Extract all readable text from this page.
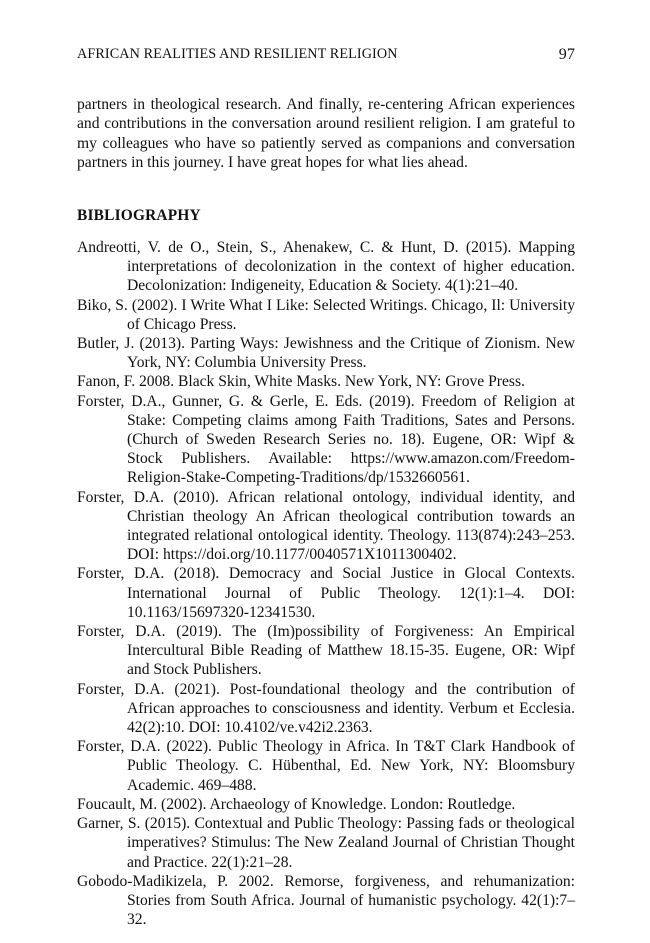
AFRICAN REALITIES AND RESILIENT RELIGION	97

partners in theological research. And finally, re-centering African experiences and contributions in the conversation around resilient religion. I am grateful to my colleagues who have so patiently served as companions and conversation partners in this journey. I have great hopes for what lies ahead.

BIBLIOGRAPHY
Andreotti, V. de O., Stein, S., Ahenakew, C. & Hunt, D. (2015). Mapping interpretations of decolonization in the context of higher education. Decolonization: Indigeneity, Education & Society. 4(1):21–40.
Biko, S. (2002). I Write What I Like: Selected Writings. Chicago, Il: University of Chicago Press.
Butler, J. (2013). Parting Ways: Jewishness and the Critique of Zionism. New York, NY: Columbia University Press.
Fanon, F. 2008. Black Skin, White Masks. New York, NY: Grove Press.
Forster, D.A., Gunner, G. & Gerle, E. Eds. (2019). Freedom of Religion at Stake: Competing claims among Faith Traditions, Sates and Persons. (Church of Sweden Research Series no. 18). Eugene, OR: Wipf & Stock Publishers. Available: https://www.amazon.com/Freedom-Religion-Stake-Competing-Traditions/dp/1532660561.
Forster, D.A. (2010). African relational ontology, individual identity, and Christian theology An African theological contribution towards an integrated relational ontological identity. Theology. 113(874):243–253. DOI: https://doi.org/10.1177/0040571X1011300402.
Forster, D.A. (2018). Democracy and Social Justice in Glocal Contexts. International Journal of Public Theology. 12(1):1–4. DOI: 10.1163/15697320-12341530.
Forster, D.A. (2019). The (Im)possibility of Forgiveness: An Empirical Intercultural Bible Reading of Matthew 18.15-35. Eugene, OR: Wipf and Stock Publishers.
Forster, D.A. (2021). Post-foundational theology and the contribution of African approaches to consciousness and identity. Verbum et Ecclesia. 42(2):10. DOI: 10.4102/ve.v42i2.2363.
Forster, D.A. (2022). Public Theology in Africa. In T&T Clark Handbook of Public Theology. C. Hübenthal, Ed. New York, NY: Bloomsbury Academic. 469–488.
Foucault, M. (2002). Archaeology of Knowledge. London: Routledge.
Garner, S. (2015). Contextual and Public Theology: Passing fads or theological imperatives? Stimulus: The New Zealand Journal of Christian Thought and Practice. 22(1):21–28.
Gobodo-Madikizela, P. 2002. Remorse, forgiveness, and rehumanization: Stories from South Africa. Journal of humanistic psychology. 42(1):7–32.
